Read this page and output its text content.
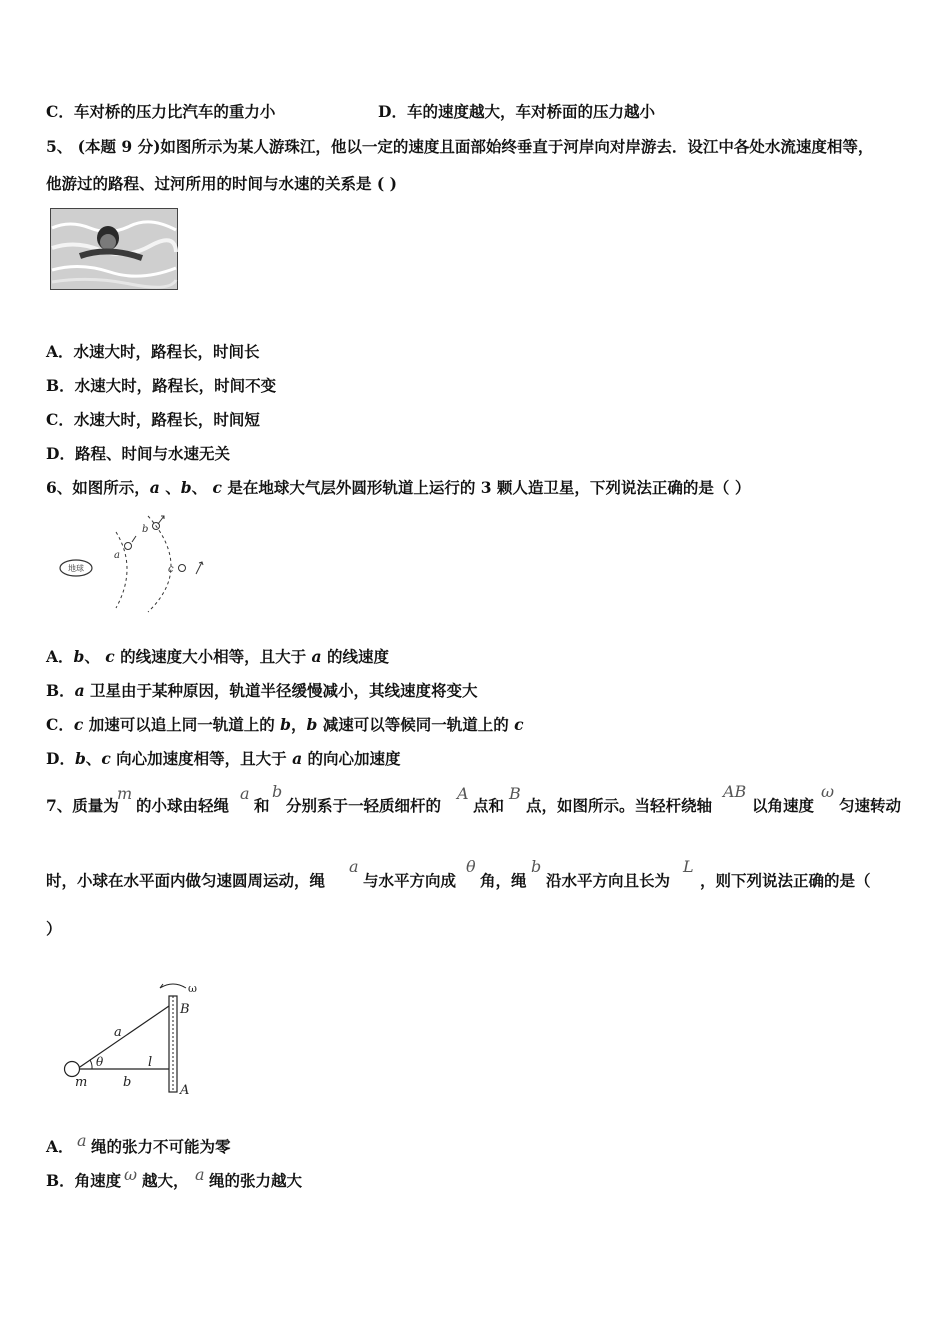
C．车对桥的压力比汽车的重力小	D．车的速度越大，车对桥面的压力越小
5、 (本题 9 分)如图所示为某人游珠江，他以一定的速度且面部始终垂直于河岸向对岸游去．设江中各处水流速度相等，
他游过的路程、过河所用的时间与水速的关系是 ( )
A．水速大时，路程长，时间长
B．水速大时，路程长，时间不变
C．水速大时，路程长，时间短
D．路程、时间与水速无关
6、如图所示，a 、b、 c 是在地球大气层外圆形轨道上运行的 3 颗人造卫星，下列说法正确的是（ ）
地球
a
b
c
A．b、 c 的线速度大小相等，且大于 a 的线速度
B．a 卫星由于某种原因，轨道半径缓慢减小，其线速度将变大
C．c 加速可以追上同一轨道上的 b，b 减速可以等候同一轨道上的 c
D．b、c 向心加速度相等，且大于 a 的向心加速度
7、质量为
m
的小球由轻绳
a
和
b
分别系于一轻质细杆的
A
点和
B
点，如图所示。当轻杆绕轴
AB
以角速度
ω
匀速转动
时，小球在水平面内做匀速圆周运动，绳
a
与水平方向成
θ
角，绳
b
沿水平方向且长为
L
，则下列说法正确的是（
）
ω
B
A
a
θ	l
m	b
A． a 绳的张力不可能为零
B．角速度 ω 越大， a 绳的张力越大
